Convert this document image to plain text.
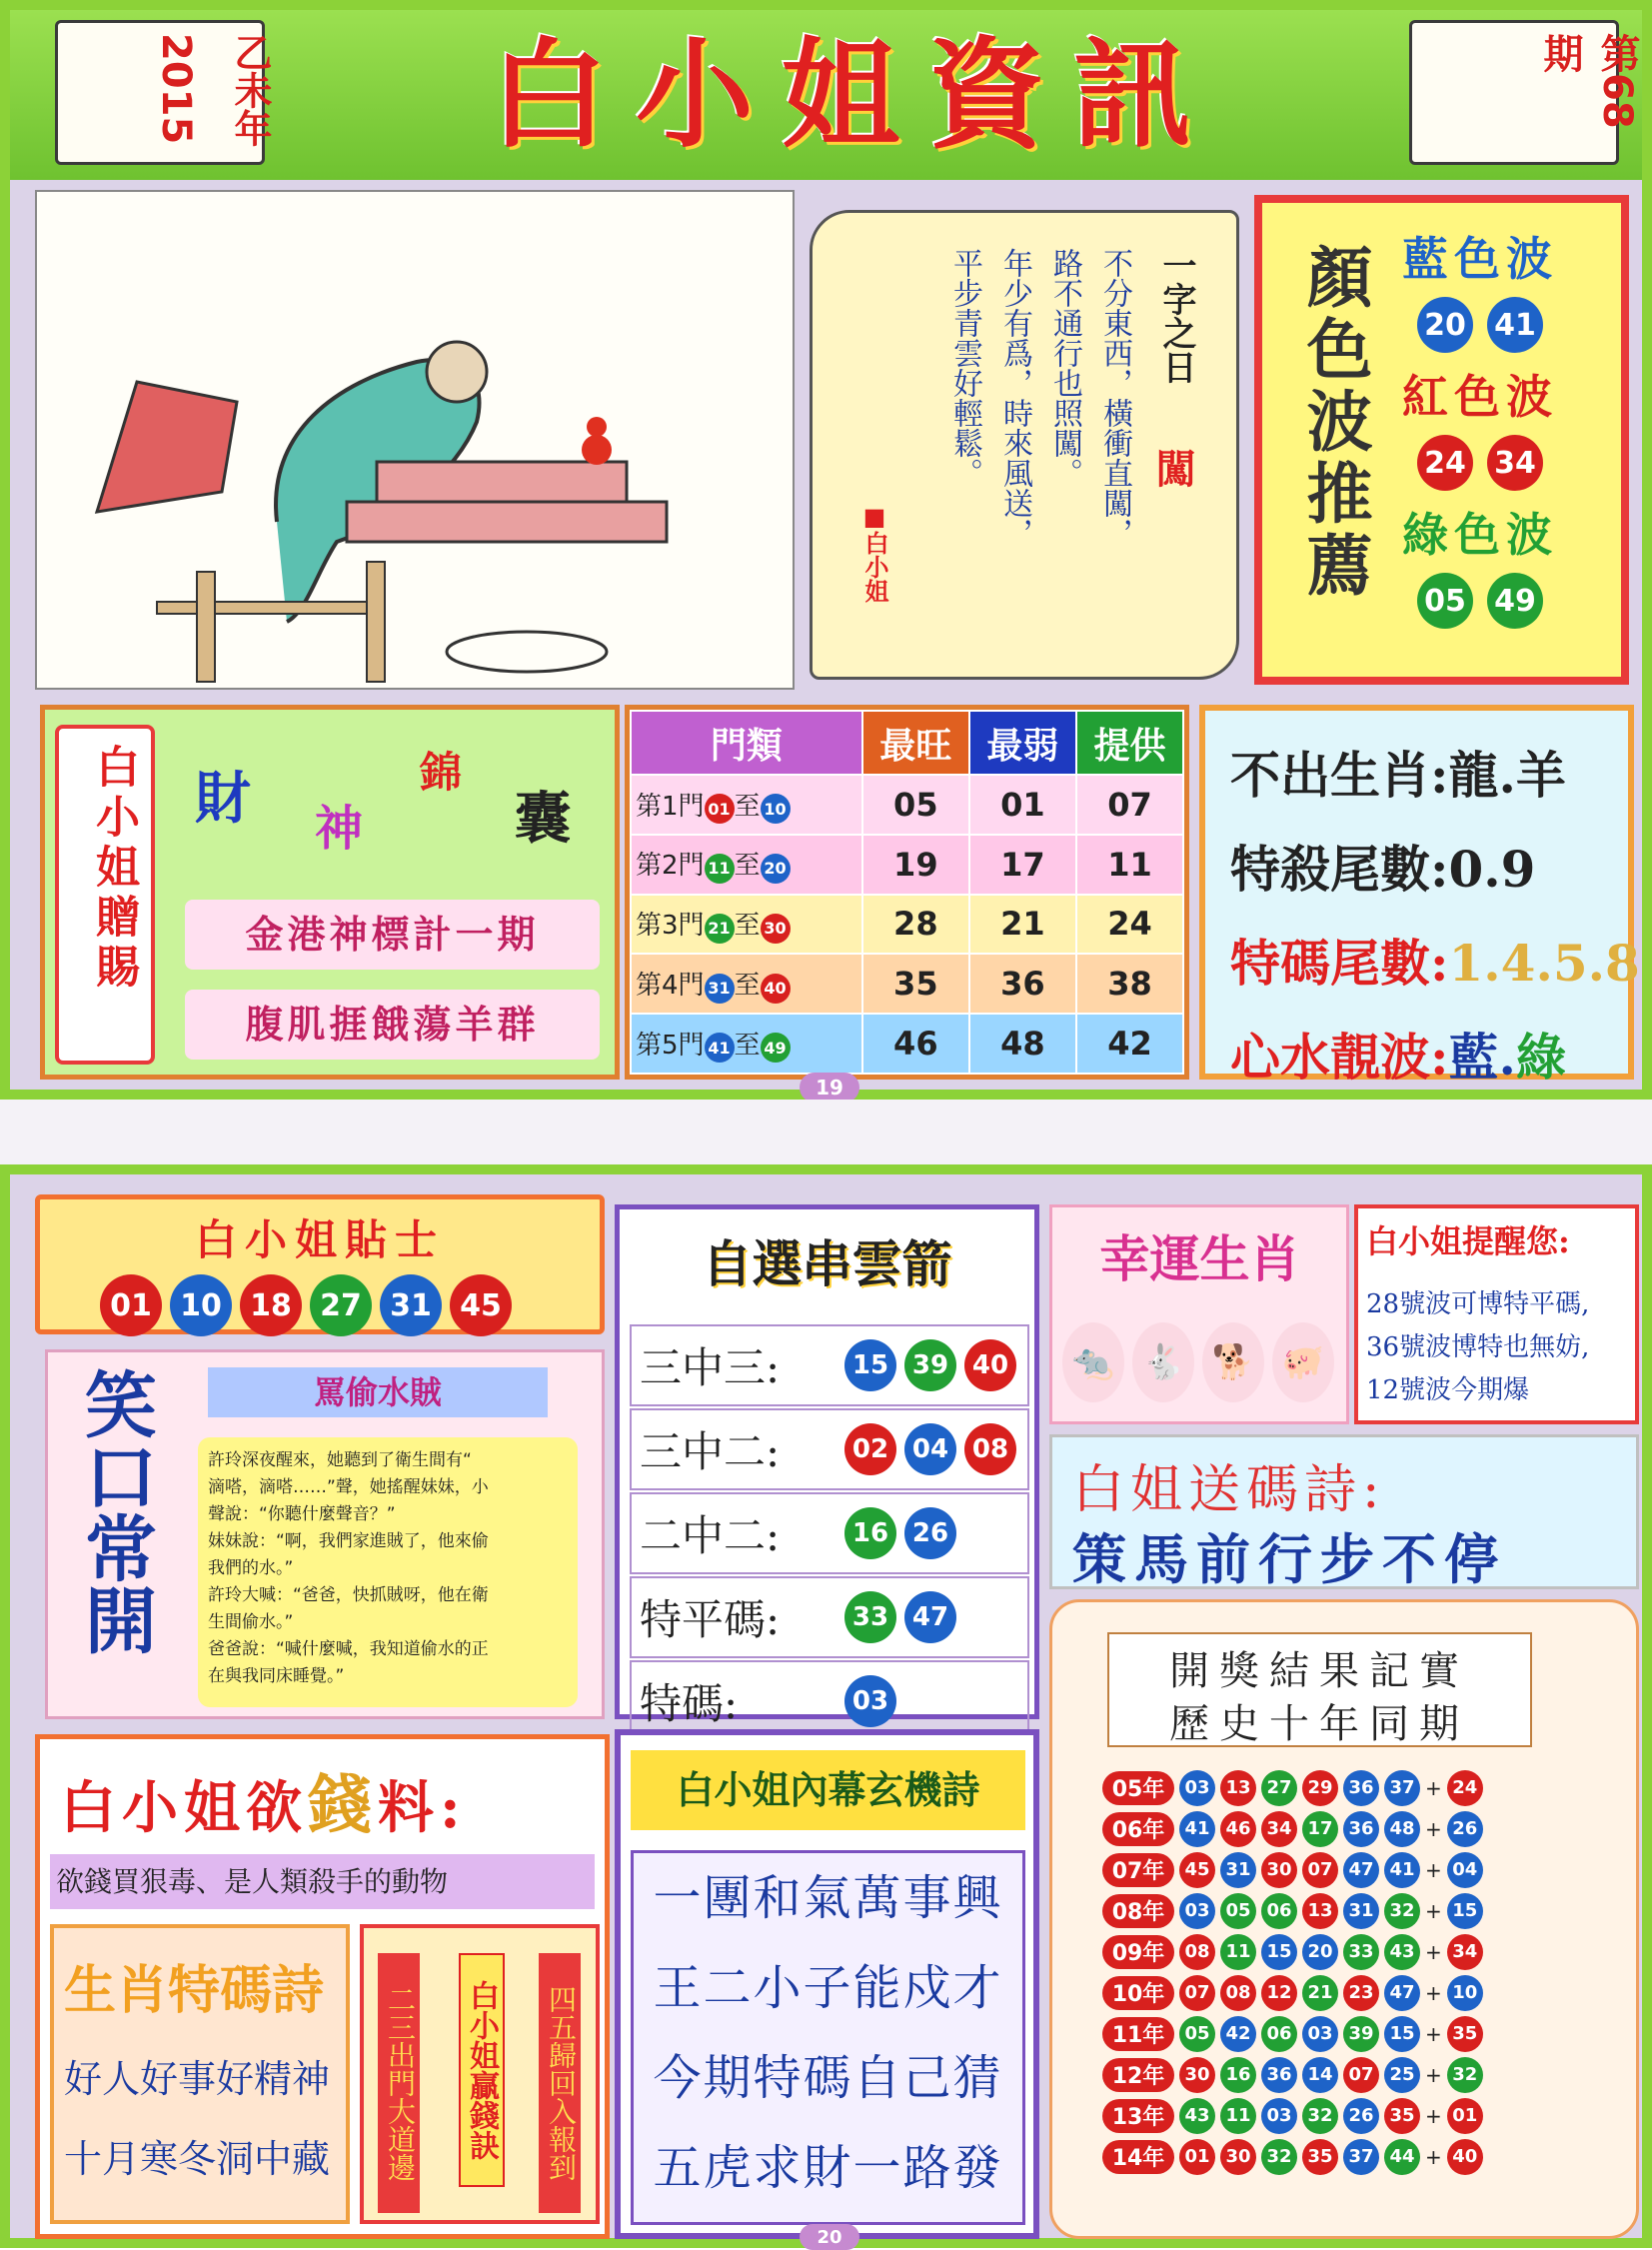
2015 乙未年	白小姐資訊	第68期
一字之日
闖
不分東西，橫衝直闖，
路不通行也照闖。
年少有爲，時來風送，
平步青雲好輕鬆。
■白小姐	顏色波推薦 藍色波
20 41
紅色波
24 34
綠色波
05 49
白小姐贈賜 財 神
錦
囊
金港神標計一期
腹肌捱餓蕩羊群
門類	最旺	最弱	提供
第1門 01 至 10	05	01	07
第2門 11 至 20	19	17	11
第3門 21 至 30	28	21	24
第4門 31 至 40	35	36	38
第5門 41 至 49	46	48	42
不出生肖:龍.羊
特殺尾數:0.9
特碼尾數:1.4.5.8
心水靚波:藍.綠
19
白小姐貼士
01 10 18 27 31 45
笑口常開	罵偷水賊
許玲深夜醒來，她聽到了衛生間有“
滴嗒，滴嗒……”聲，她搖醒妹妹，小
聲說：“你聽什麼聲音？”
妹妹說：“啊，我們家進賊了，他來偷
我們的水。”
許玲大喊：“爸爸，快抓賊呀，他在衛
生間偷水。”
爸爸說：“喊什麼喊，我知道偷水的正
在與我同床睡覺。”
自選串雲箭
三中三:	15 39 40
三中二:	02 04 08
二中二:	16 26
特平碼:	33 47
特碼:	03
幸運生肖
🐀 🐇 🐕 🐖
白小姐提醒您:
28號波可博特平碼,
36號波博特也無妨,
12號波今期爆
白姐送碼詩:
策馬前行步不停
開獎結果記實
歷史十年同期
05年	03 13 27 29 36 37 + 24
06年	41 46 34 17 36 48 + 26
07年	45 31 30 07 47 41 + 04
08年	03 05 06 13 31 32 + 15
09年	08 11 15 20 33 43 + 34
10年	07 08 12 21 23 47 + 10
11年	05 42 06 03 39 15 + 35
12年	30 16 36 14 07 25 + 32
13年	43 11 03 32 26 35 + 01
14年	01 30 32 35 37 44 + 40
白小姐欲錢料:
欲錢買狠毒、是人類殺手的動物
生肖特碼詩
好人好事好精神
十月寒冬洞中藏 二三出門大道邊 白小姐贏錢訣 四五歸回入報到
白小姐內幕玄機詩
一團和氣萬事興
王二小子能戍才
今期特碼自己猜
五虎求財一路發
20
